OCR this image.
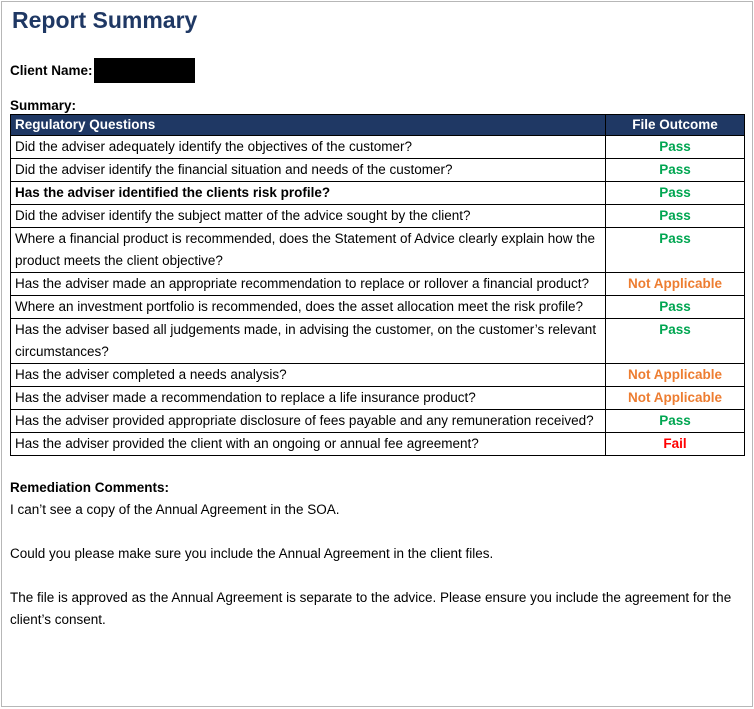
Report Summary
Client Name:
Summary:
Regulatory Questions	File Outcome
Did the adviser adequately identify the objectives of the customer?	Pass
Did the adviser identify the financial situation and needs of the customer?	Pass
Has the adviser identified the clients risk profile?	Pass
Did the adviser identify the subject matter of the advice sought by the client?	Pass
Where a financial product is recommended, does the Statement of Advice clearly explain how the product meets the client objective?	Pass
Has the adviser made an appropriate recommendation to replace or rollover a financial product?	Not Applicable
Where an investment portfolio is recommended, does the asset allocation meet the risk profile?	Pass
Has the adviser based all judgements made, in advising the customer, on the customer’s relevant circumstances?	Pass
Has the adviser completed a needs analysis?	Not Applicable
Has the adviser made a recommendation to replace a life insurance product?	Not Applicable
Has the adviser provided appropriate disclosure of fees payable and any remuneration received?	Pass
Has the adviser provided the client with an ongoing or annual fee agreement?	Fail
Remediation Comments:

I can’t see a copy of the Annual Agreement in the SOA.

Could you please make sure you include the Annual Agreement in the client files.

The file is approved as the Annual Agreement is separate to the advice. Please ensure you include the agreement for the client’s consent.
